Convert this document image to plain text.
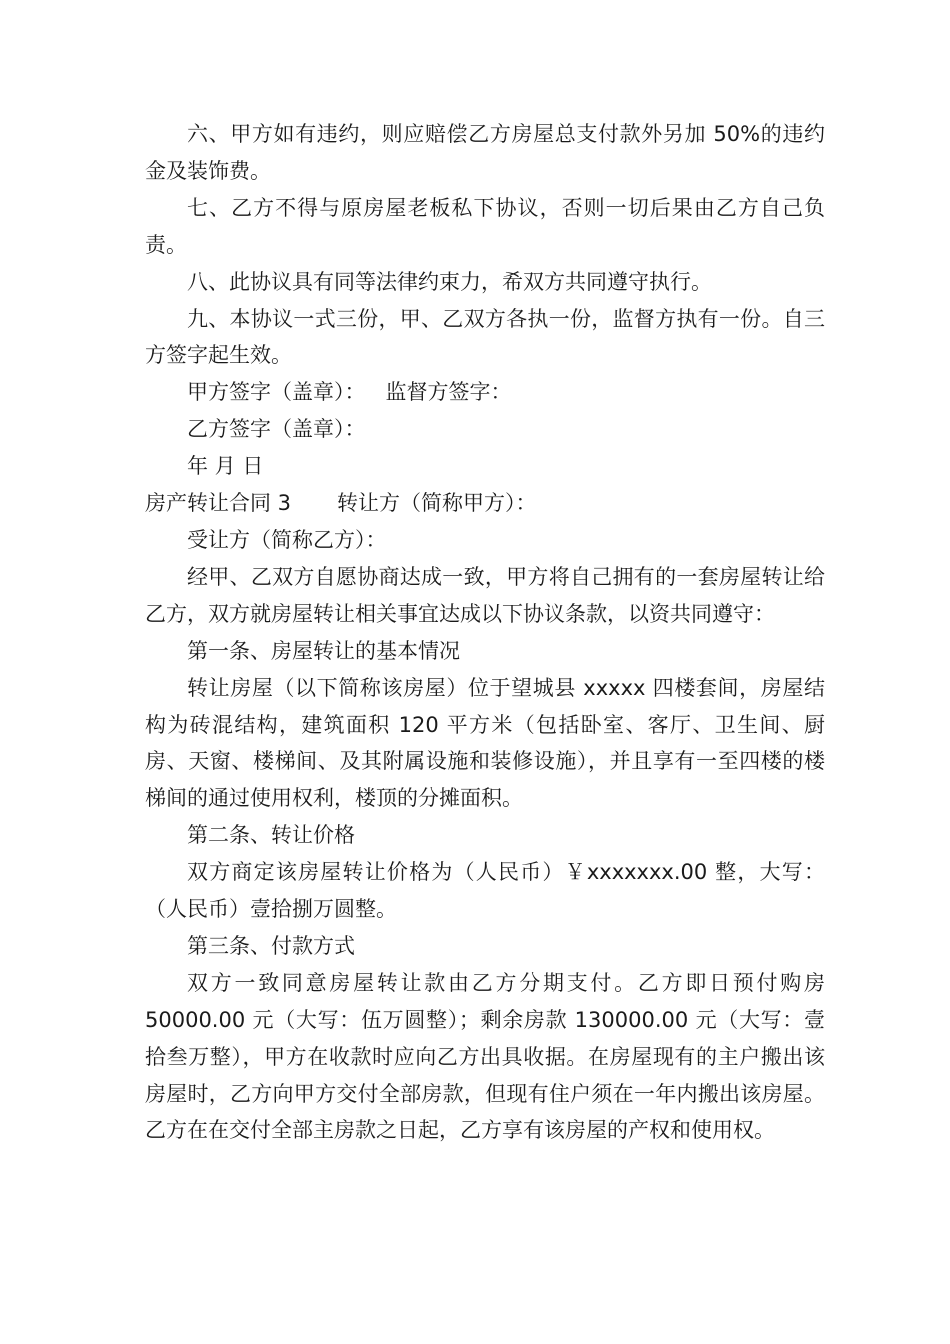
六、甲方如有违约，则应赔偿乙方房屋总支付款外另加 50%的违约金及装饰费。

七、乙方不得与原房屋老板私下协议，否则一切后果由乙方自己负责。

八、此协议具有同等法律约束力，希双方共同遵守执行。

九、本协议一式三份，甲、乙双方各执一份，监督方执有一份。自三方签字起生效。

甲方签字（盖章）： 监督方签字：

乙方签字（盖章）：

年 月 日

房产转让合同 3 转让方（简称甲方）：

受让方（简称乙方）：

经甲、乙双方自愿协商达成一致，甲方将自己拥有的一套房屋转让给乙方，双方就房屋转让相关事宜达成以下协议条款，以资共同遵守：

第一条、房屋转让的基本情况

转让房屋（以下简称该房屋）位于望城县 xxxxx 四楼套间，房屋结构为砖混结构，建筑面积 120 平方米（包括卧室、客厅、卫生间、厨房、天窗、楼梯间、及其附属设施和装修设施），并且享有一至四楼的楼梯间的通过使用权利，楼顶的分摊面积。

第二条、转让价格

双方商定该房屋转让价格为（人民币）￥xxxxxxx.00 整，大写：（人民币）壹拾捌万圆整。

第三条、付款方式

双方一致同意房屋转让款由乙方分期支付。乙方即日预付购房 50000.00 元（大写：伍万圆整）；剩余房款 130000.00 元（大写：壹拾叁万整），甲方在收款时应向乙方出具收据。在房屋现有的主户搬出该房屋时，乙方向甲方交付全部房款，但现有住户须在一年内搬出该房屋。乙方在在交付全部主房款之日起，乙方享有该房屋的产权和使用权。
